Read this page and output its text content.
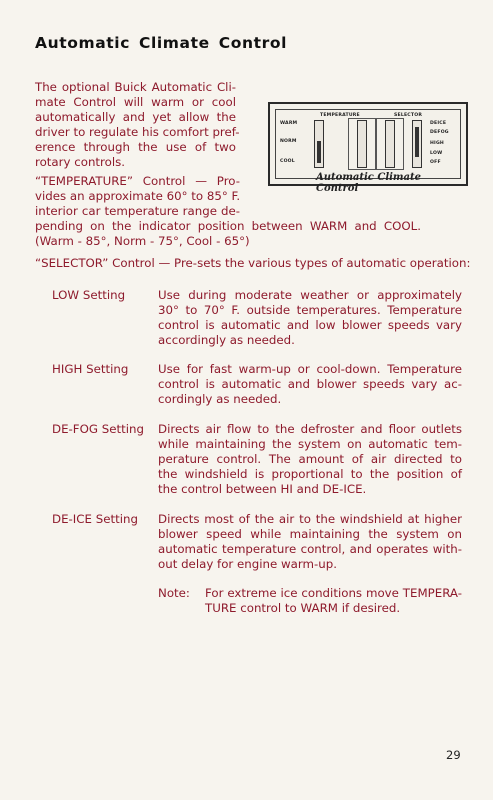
Automatic Climate Control
The optional Buick Automatic Cli-
mate Control will warm or cool
automatically and yet allow the
driver to regulate his comfort pref-
erence through the use of two
rotary controls.
TEMPERATURE	SELECTOR
WARM
NORM
COOL
DEICE
DEFOG
HIGH
LOW
OFF
Automatic Climate Control
“TEMPERATURE” Control — Pro-
vides an approximate 60° to 85° F.
interior car temperature range de-
pending on the indicator position between WARM and COOL.
(Warm - 85°, Norm - 75°, Cool - 65°)
“SELECTOR” Control — Pre-sets the various types of automatic operation:
LOW Setting	Use during moderate weather or approximately
30° to 70° F. outside temperatures. Temperature
control is automatic and low blower speeds vary
accordingly as needed.
HIGH Setting	Use for fast warm-up or cool-down. Temperature
control is automatic and blower speeds vary ac-
cordingly as needed.
DE-FOG Setting Directs air flow to the defroster and floor outlets
while maintaining the system on automatic tem-
perature control. The amount of air directed to
the windshield is proportional to the position of
the control between HI and DE-ICE.
DE-ICE Setting Directs most of the air to the windshield at higher
blower speed while maintaining the system on
automatic temperature control, and operates with-
out delay for engine warm-up.
Note: For extreme ice conditions move TEMPERA-
TURE control to WARM if desired.
29
